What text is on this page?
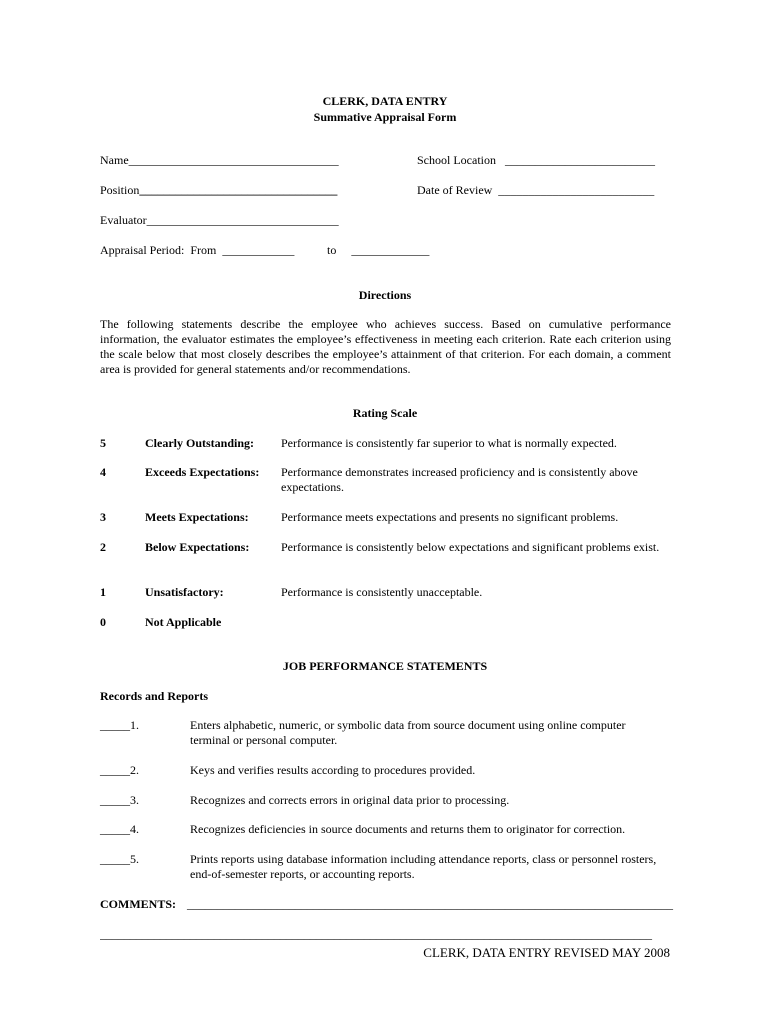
CLERK, DATA ENTRY
Summative Appraisal Form
Name___________________________________	School Location   _________________________
Position_________________________________	Date of Review  __________________________
Evaluator________________________________
Appraisal Period:  From  ____________	to     _____________
Directions
The following statements describe the employee who achieves success. Based on cumulative performance information, the evaluator estimates the employee’s effectiveness in meeting each criterion. Rate each criterion using the scale below that most closely describes the employee’s attainment of that criterion. For each domain, a comment area is provided for general statements and/or recommendations.
Rating Scale
5	Clearly Outstanding: Performance is consistently far superior to what is normally expected.
4	Exceeds Expectations: Performance demonstrates increased proficiency and is consistently above expectations.
3	Meets Expectations:	Performance meets expectations and presents no significant problems.
2	Below Expectations:	Performance is consistently below expectations and significant problems exist.
1	Unsatisfactory:	Performance is consistently unacceptable.
0	Not Applicable
JOB PERFORMANCE STATEMENTS
Records and Reports
_____1.	Enters alphabetic, numeric, or symbolic data from source document using online computer terminal or personal computer.
_____2.	Keys and verifies results according to procedures provided.
_____3.	Recognizes and corrects errors in original data prior to processing.
_____4.	Recognizes deficiencies in source documents and returns them to originator for correction.
_____5.	Prints reports using database information including attendance reports, class or personnel rosters, end-of-semester reports, or accounting reports.
COMMENTS: _________________________________________________________________________________
____________________________________________________________________________________________
CLERK, DATA ENTRY REVISED MAY 2008
